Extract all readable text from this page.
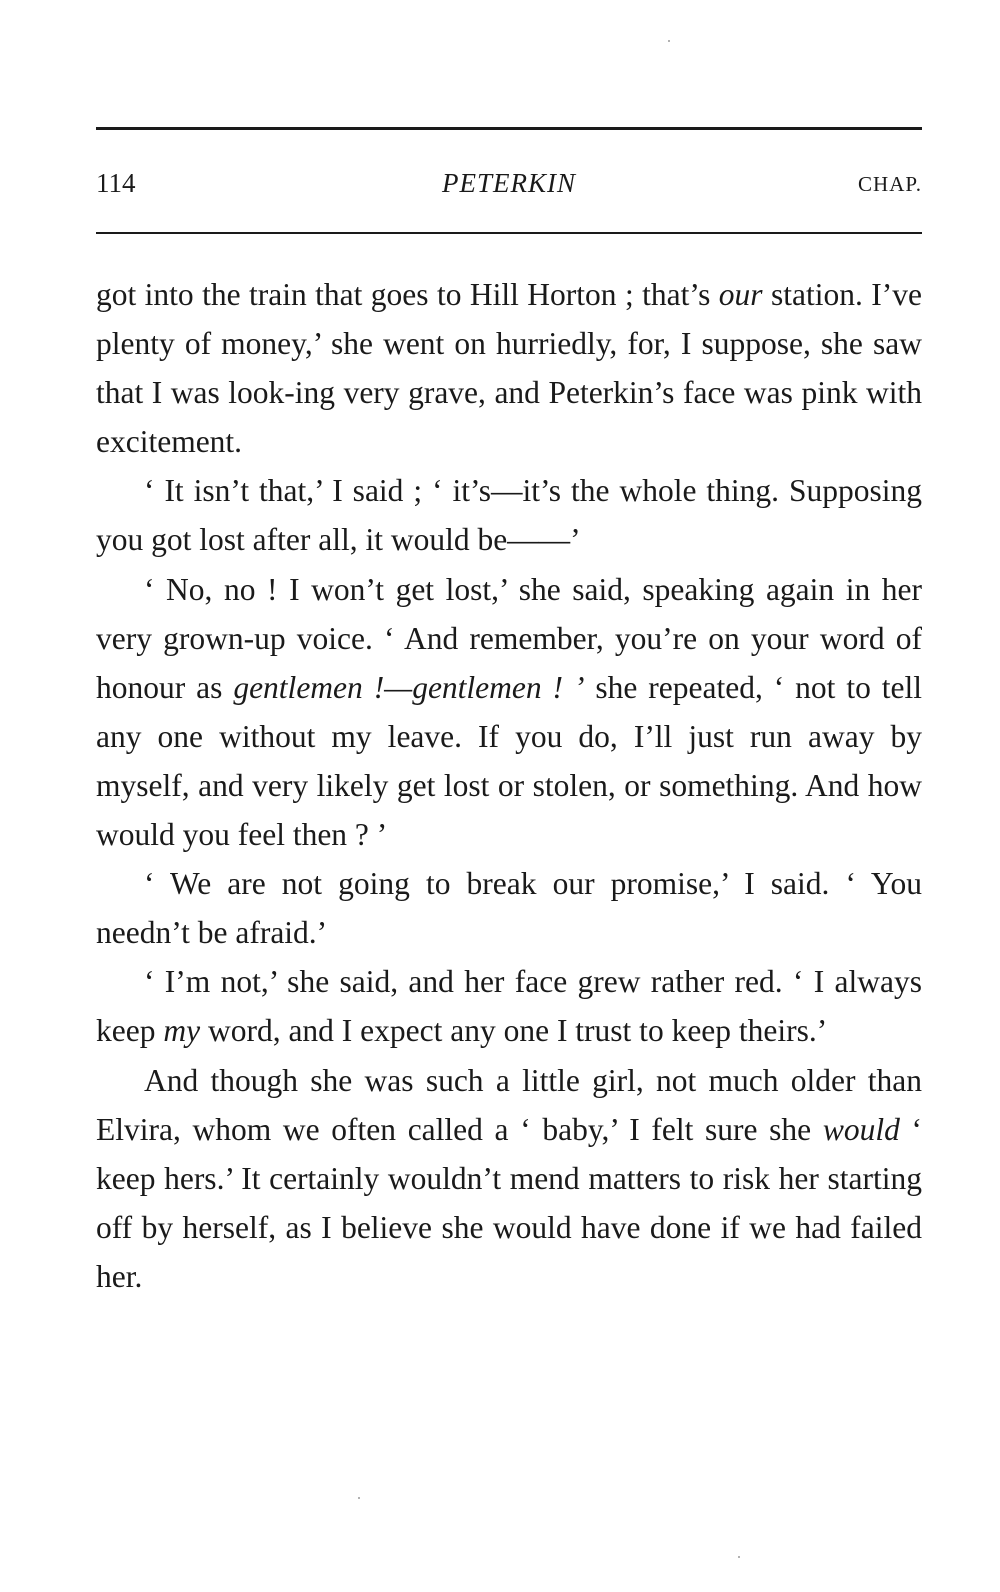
114	PETERKIN	CHAP.

got into the train that goes to Hill Horton ; that’s our station. I’ve plenty of money,’ she went on hurriedly, for, I suppose, she saw that I was look-ing very grave, and Peterkin’s face was pink with excitement.

‘ It isn’t that,’ I said ; ‘ it’s—it’s the whole thing. Supposing you got lost after all, it would be——’

‘ No, no ! I won’t get lost,’ she said, speaking again in her very grown-up voice. ‘ And remember, you’re on your word of honour as gentlemen !—gentlemen ! ’ she repeated, ‘ not to tell any one without my leave. If you do, I’ll just run away by myself, and very likely get lost or stolen, or something. And how would you feel then ? ’

‘ We are not going to break our promise,’ I said. ‘ You needn’t be afraid.’

‘ I’m not,’ she said, and her face grew rather red. ‘ I always keep my word, and I expect any one I trust to keep theirs.’

And though she was such a little girl, not much older than Elvira, whom we often called a ‘ baby,’ I felt sure she would ‘ keep hers.’ It certainly wouldn’t mend matters to risk her starting off by herself, as I believe she would have done if we had failed her.
